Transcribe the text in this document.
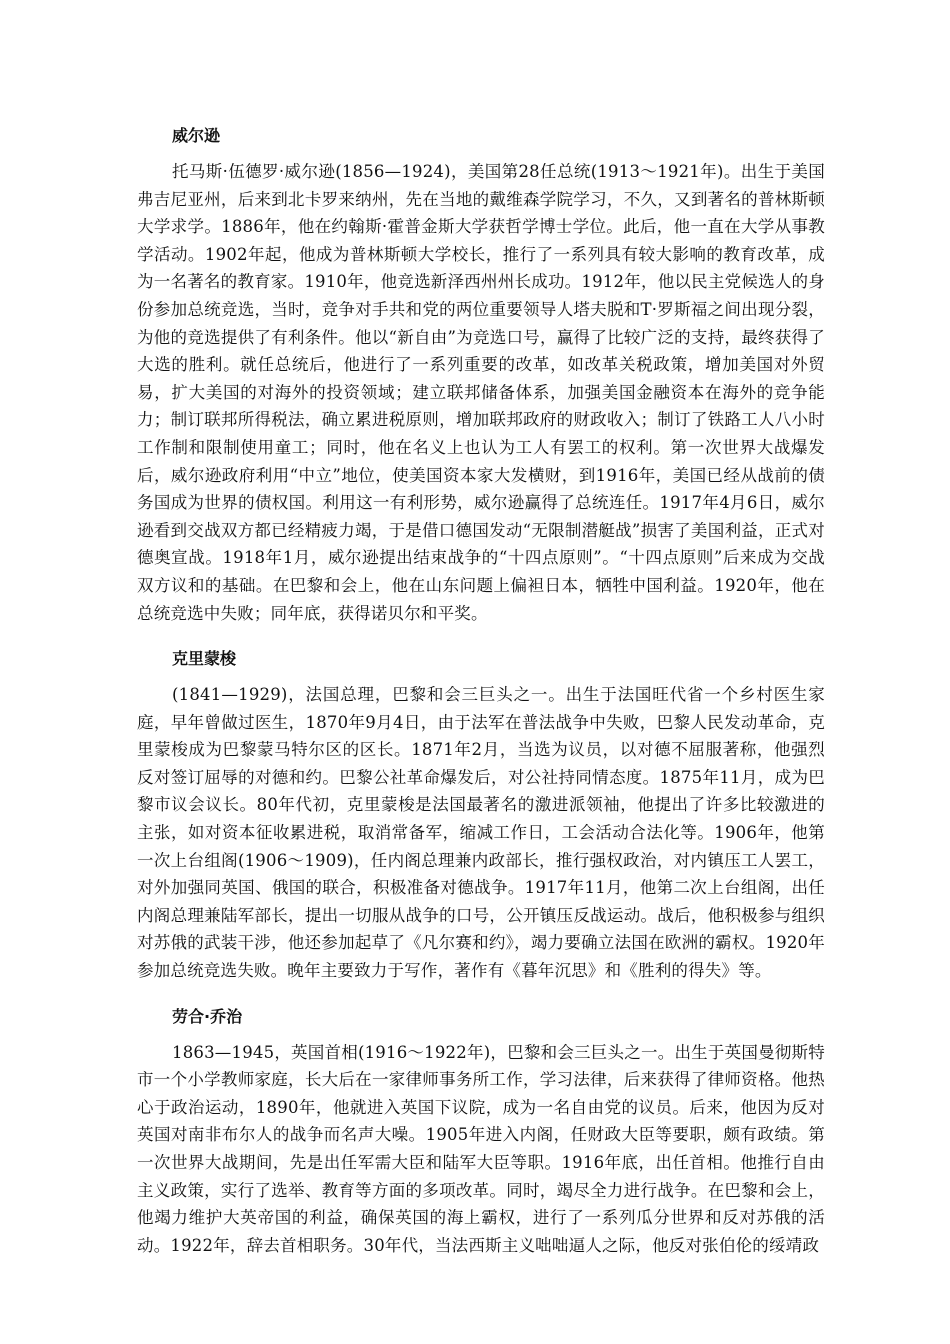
威尔逊

托马斯·伍德罗·威尔逊(1856—1924)，美国第28任总统(1913～1921年)。出生于美国弗吉尼亚州，后来到北卡罗来纳州，先在当地的戴维森学院学习，不久，又到著名的普林斯顿大学求学。1886年，他在约翰斯·霍普金斯大学获哲学博士学位。此后，他一直在大学从事教学活动。1902年起，他成为普林斯顿大学校长，推行了一系列具有较大影响的教育改革，成为一名著名的教育家。1910年，他竞选新泽西州州长成功。1912年，他以民主党候选人的身份参加总统竞选，当时，竞争对手共和党的两位重要领导人塔夫脱和T·罗斯福之间出现分裂，为他的竞选提供了有利条件。他以“新自由”为竞选口号，赢得了比较广泛的支持，最终获得了大选的胜利。就任总统后，他进行了一系列重要的改革，如改革关税政策，增加美国对外贸易，扩大美国的对海外的投资领域；建立联邦储备体系，加强美国金融资本在海外的竞争能力；制订联邦所得税法，确立累进税原则，增加联邦政府的财政收入；制订了铁路工人八小时工作制和限制使用童工；同时，他在名义上也认为工人有罢工的权利。第一次世界大战爆发后，威尔逊政府利用“中立”地位，使美国资本家大发横财，到1916年，美国已经从战前的债务国成为世界的债权国。利用这一有利形势，威尔逊赢得了总统连任。1917年4月6日，威尔逊看到交战双方都已经精疲力竭，于是借口德国发动“无限制潜艇战”损害了美国利益，正式对德奥宣战。1918年1月，威尔逊提出结束战争的“十四点原则”。“十四点原则”后来成为交战双方议和的基础。在巴黎和会上，他在山东问题上偏袒日本，牺牲中国利益。1920年，他在总统竞选中失败；同年底，获得诺贝尔和平奖。

克里蒙梭

(1841—1929)，法国总理，巴黎和会三巨头之一。出生于法国旺代省一个乡村医生家庭，早年曾做过医生，1870年9月4日，由于法军在普法战争中失败，巴黎人民发动革命，克里蒙梭成为巴黎蒙马特尔区的区长。1871年2月，当选为议员，以对德不屈服著称，他强烈反对签订屈辱的对德和约。巴黎公社革命爆发后，对公社持同情态度。1875年11月，成为巴黎市议会议长。80年代初，克里蒙梭是法国最著名的激进派领袖，他提出了许多比较激进的主张，如对资本征收累进税，取消常备军，缩减工作日，工会活动合法化等。1906年，他第一次上台组阁(1906～1909)，任内阁总理兼内政部长，推行强权政治，对内镇压工人罢工，对外加强同英国、俄国的联合，积极准备对德战争。1917年11月，他第二次上台组阁，出任内阁总理兼陆军部长，提出一切服从战争的口号，公开镇压反战运动。战后，他积极参与组织对苏俄的武装干涉，他还参加起草了《凡尔赛和约》，竭力要确立法国在欧洲的霸权。1920年参加总统竞选失败。晚年主要致力于写作，著作有《暮年沉思》和《胜利的得失》等。

劳合·乔治

1863—1945，英国首相(1916～1922年)，巴黎和会三巨头之一。出生于英国曼彻斯特市一个小学教师家庭，长大后在一家律师事务所工作，学习法律，后来获得了律师资格。他热心于政治运动，1890年，他就进入英国下议院，成为一名自由党的议员。后来，他因为反对英国对南非布尔人的战争而名声大噪。1905年进入内阁，任财政大臣等要职，颇有政绩。第一次世界大战期间，先是出任军需大臣和陆军大臣等职。1916年底，出任首相。他推行自由主义政策，实行了选举、教育等方面的多项改革。同时，竭尽全力进行战争。在巴黎和会上，他竭力维护大英帝国的利益，确保英国的海上霸权，进行了一系列瓜分世界和反对苏俄的活动。1922年，辞去首相职务。30年代，当法西斯主义咄咄逼人之际，他反对张伯伦的绥靖政
